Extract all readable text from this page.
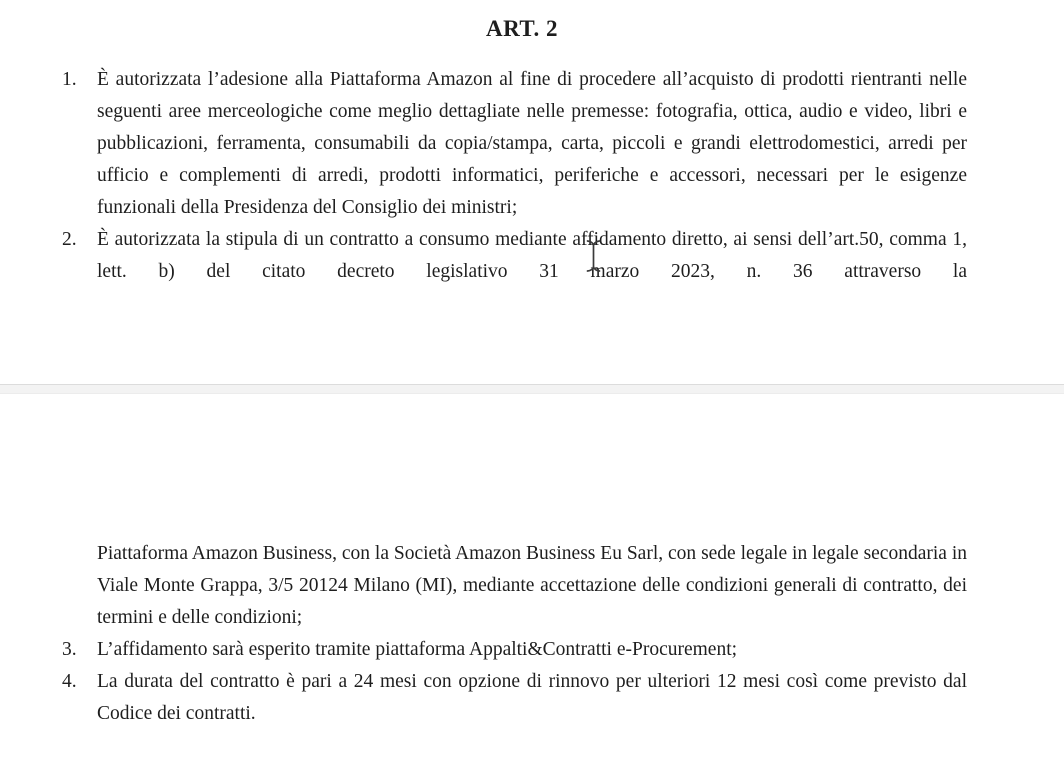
ART. 2
1.	È autorizzata l’adesione alla Piattaforma Amazon al fine di procedere all’acquisto di prodotti rientranti nelle seguenti aree merceologiche come meglio dettagliate nelle premesse: fotografia, ottica, audio e video, libri e pubblicazioni, ferramenta, consumabili da copia/stampa, carta, piccoli e grandi elettrodomestici, arredi per ufficio e complementi di arredi, prodotti informatici, periferiche e accessori, necessari per le esigenze funzionali della Presidenza del Consiglio dei ministri;

2.	È autorizzata la stipula di un contratto a consumo mediante affidamento diretto, ai sensi dell’art.50, comma 1, lett. b) del citato decreto legislativo 31 marzo 2023, n. 36 attraverso la

Piattaforma Amazon Business, con la Società Amazon Business Eu Sarl, con sede legale in legale secondaria in Viale Monte Grappa, 3/5 20124 Milano (MI), mediante accettazione delle condizioni generali di contratto, dei termini e delle condizioni;

3.	L’affidamento sarà esperito tramite piattaforma Appalti&Contratti e-Procurement;

4.	La durata del contratto è pari a 24 mesi con opzione di rinnovo per ulteriori 12 mesi così come previsto dal Codice dei contratti.
